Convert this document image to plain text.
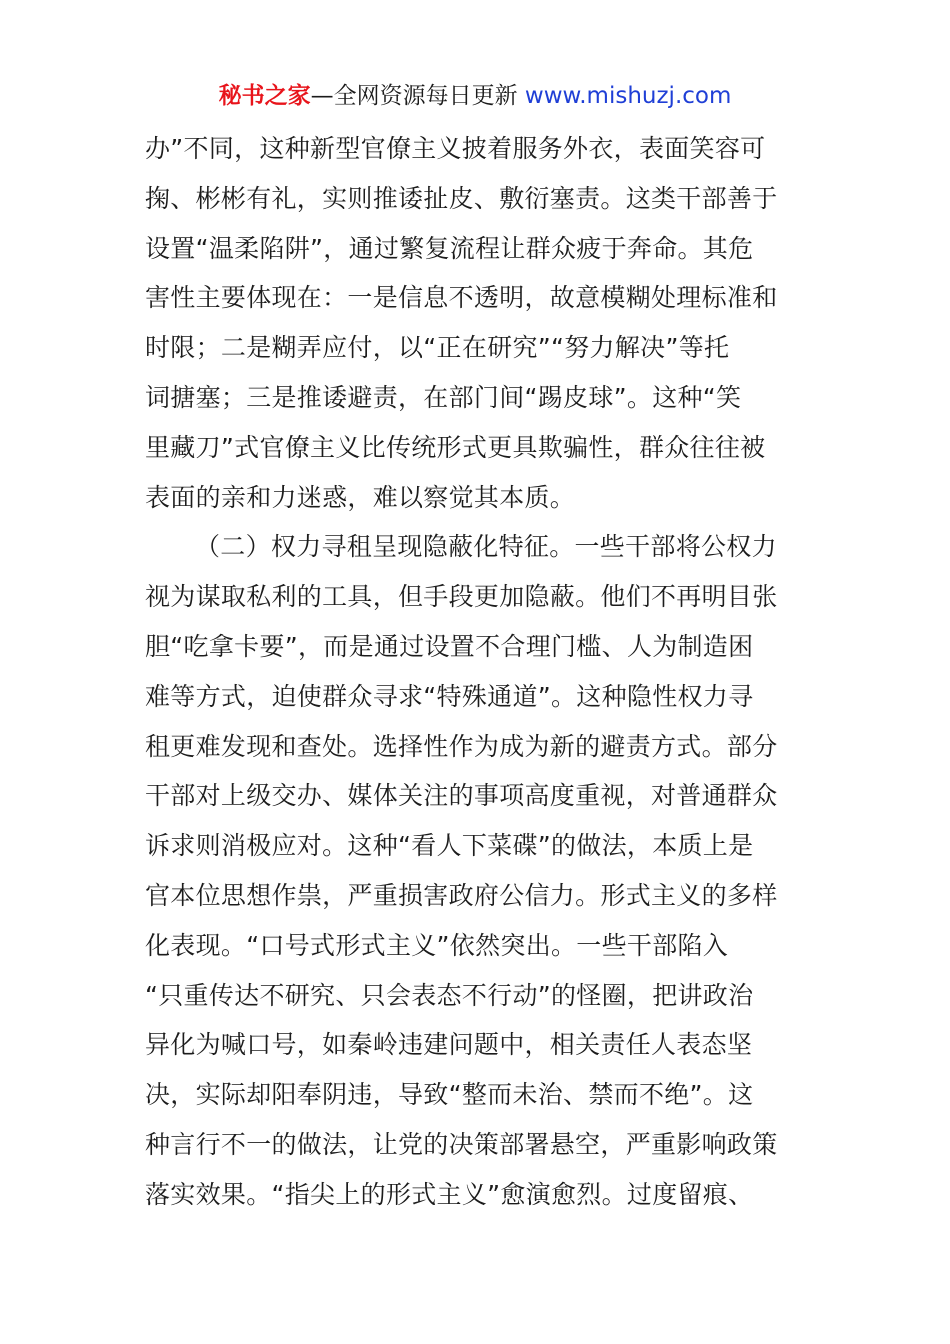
秘书之家—全网资源每日更新 www.mishuzj.com
办”不同，这种新型官僚主义披着服务外衣，表面笑容可
掬、彬彬有礼，实则推诿扯皮、敷衍塞责。这类干部善于
设置“温柔陷阱”，通过繁复流程让群众疲于奔命。其危
害性主要体现在：一是信息不透明，故意模糊处理标准和
时限；二是糊弄应付，以“正在研究”“努力解决”等托
词搪塞；三是推诿避责，在部门间“踢皮球”。这种“笑
里藏刀”式官僚主义比传统形式更具欺骗性，群众往往被
表面的亲和力迷惑，难以察觉其本质。
（二）权力寻租呈现隐蔽化特征。一些干部将公权力
视为谋取私利的工具，但手段更加隐蔽。他们不再明目张
胆“吃拿卡要”，而是通过设置不合理门槛、人为制造困
难等方式，迫使群众寻求“特殊通道”。这种隐性权力寻
租更难发现和查处。选择性作为成为新的避责方式。部分
干部对上级交办、媒体关注的事项高度重视，对普通群众
诉求则消极应对。这种“看人下菜碟”的做法，本质上是
官本位思想作祟，严重损害政府公信力。形式主义的多样
化表现。“口号式形式主义”依然突出。一些干部陷入
“只重传达不研究、只会表态不行动”的怪圈，把讲政治
异化为喊口号，如秦岭违建问题中，相关责任人表态坚
决，实际却阳奉阴违，导致“整而未治、禁而不绝”。这
种言行不一的做法，让党的决策部署悬空，严重影响政策
落实效果。“指尖上的形式主义”愈演愈烈。过度留痕、
